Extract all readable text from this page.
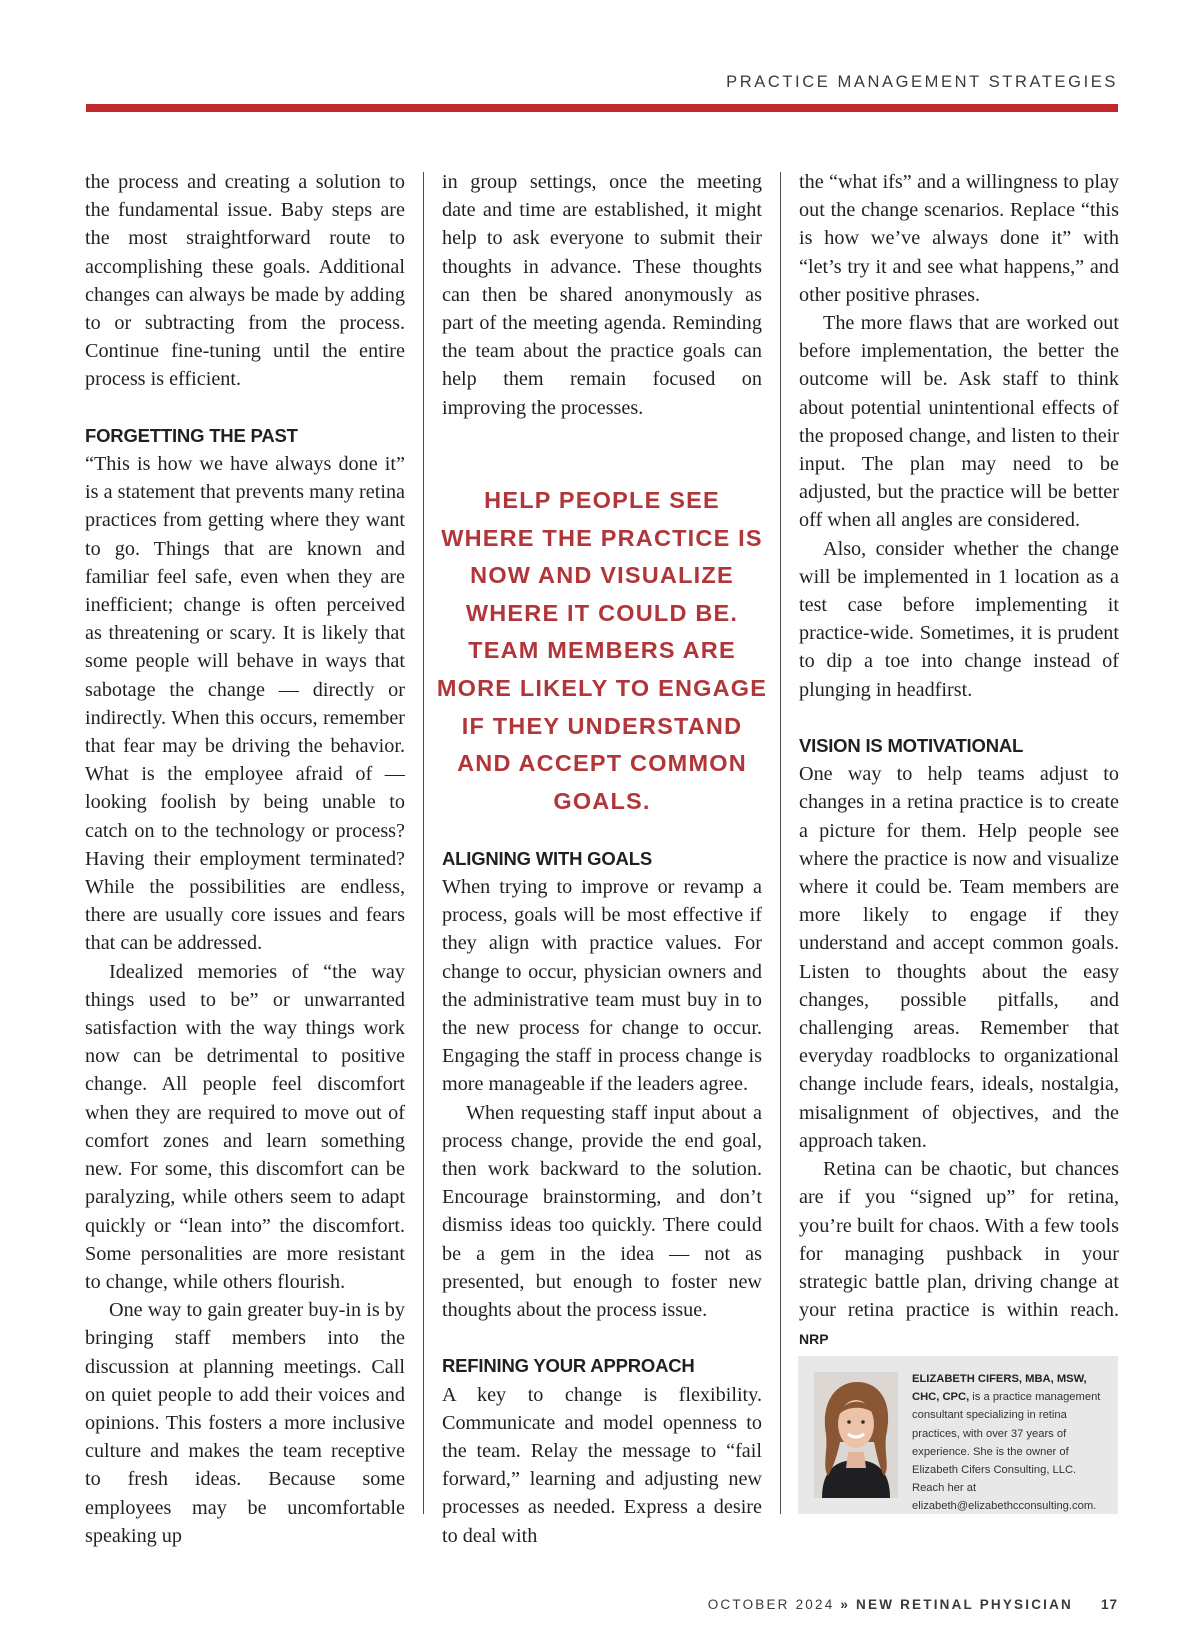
PRACTICE MANAGEMENT STRATEGIES

the process and creating a solution to the fundamental issue. Baby steps are the most straightforward route to accomplishing these goals. Additional changes can always be made by adding to or subtracting from the process. Continue fine-tuning until the entire process is efficient.

FORGETTING THE PAST

“This is how we have always done it” is a statement that prevents many retina practices from getting where they want to go. Things that are known and familiar feel safe, even when they are inefficient; change is often perceived as threatening or scary. It is likely that some people will behave in ways that sabotage the change — directly or indirectly. When this occurs, remember that fear may be driving the behavior. What is the employee afraid of — looking foolish by being unable to catch on to the technology or process? Having their employment terminated? While the possibilities are endless, there are usually core issues and fears that can be addressed.

Idealized memories of “the way things used to be” or unwarranted satisfaction with the way things work now can be detrimental to positive change. All people feel discomfort when they are required to move out of comfort zones and learn something new. For some, this discomfort can be paralyzing, while others seem to adapt quickly or “lean into” the discomfort. Some personalities are more resistant to change, while others flourish.

One way to gain greater buy-in is by bringing staff members into the discussion at planning meetings. Call on quiet people to add their voices and opinions. This fosters a more inclusive culture and makes the team receptive to fresh ideas. Because some employees may be uncomfortable speaking up

in group settings, once the meeting date and time are established, it might help to ask everyone to submit their thoughts in advance. These thoughts can then be shared anonymously as part of the meeting agenda. Reminding the team about the practice goals can help them remain focused on improving the processes.

ALIGNING WITH GOALS

When trying to improve or revamp a process, goals will be most effective if they align with practice values. For change to occur, physician owners and the administrative team must buy in to the new process for change to occur. Engaging the staff in process change is more manageable if the leaders agree.

When requesting staff input about a process change, provide the end goal, then work backward to the solution. Encourage brainstorming, and don’t dismiss ideas too quickly. There could be a gem in the idea — not as presented, but enough to foster new thoughts about the process issue.

REFINING YOUR APPROACH

A key to change is flexibility. Communicate and model openness to the team. Relay the message to “fail forward,” learning and adjusting new processes as needed. Express a desire to deal with

HELP PEOPLE SEE WHERE THE PRACTICE IS NOW AND VISUALIZE WHERE IT COULD BE. TEAM MEMBERS ARE MORE LIKELY TO ENGAGE IF THEY UNDERSTAND AND ACCEPT COMMON GOALS.

the “what ifs” and a willingness to play out the change scenarios. Replace “this is how we’ve always done it” with “let’s try it and see what happens,” and other positive phrases.

The more flaws that are worked out before implementation, the better the outcome will be. Ask staff to think about potential unintentional effects of the proposed change, and listen to their input. The plan may need to be adjusted, but the practice will be better off when all angles are considered.

Also, consider whether the change will be implemented in 1 location as a test case before implementing it practice-wide. Sometimes, it is prudent to dip a toe into change instead of plunging in headfirst.

VISION IS MOTIVATIONAL

One way to help teams adjust to changes in a retina practice is to create a picture for them. Help people see where the practice is now and visualize where it could be. Team members are more likely to engage if they understand and accept common goals. Listen to thoughts about the easy changes, possible pitfalls, and challenging areas. Remember that everyday roadblocks to organizational change include fears, ideals, nostalgia, misalignment of objectives, and the approach taken.

Retina can be chaotic, but chances are if you “signed up” for retina, you’re built for chaos. With a few tools for managing pushback in your strategic battle plan, driving change at your retina practice is within reach. NRP

ELIZABETH CIFERS, MBA, MSW, CHC, CPC, is a practice management consultant specializing in retina practices, with over 37 years of experience. She is the owner of Elizabeth Cifers Consulting, LLC. Reach her at elizabeth@elizabethcconsulting.com.
OCTOBER 2024 » NEW RETINAL PHYSICIAN 17
